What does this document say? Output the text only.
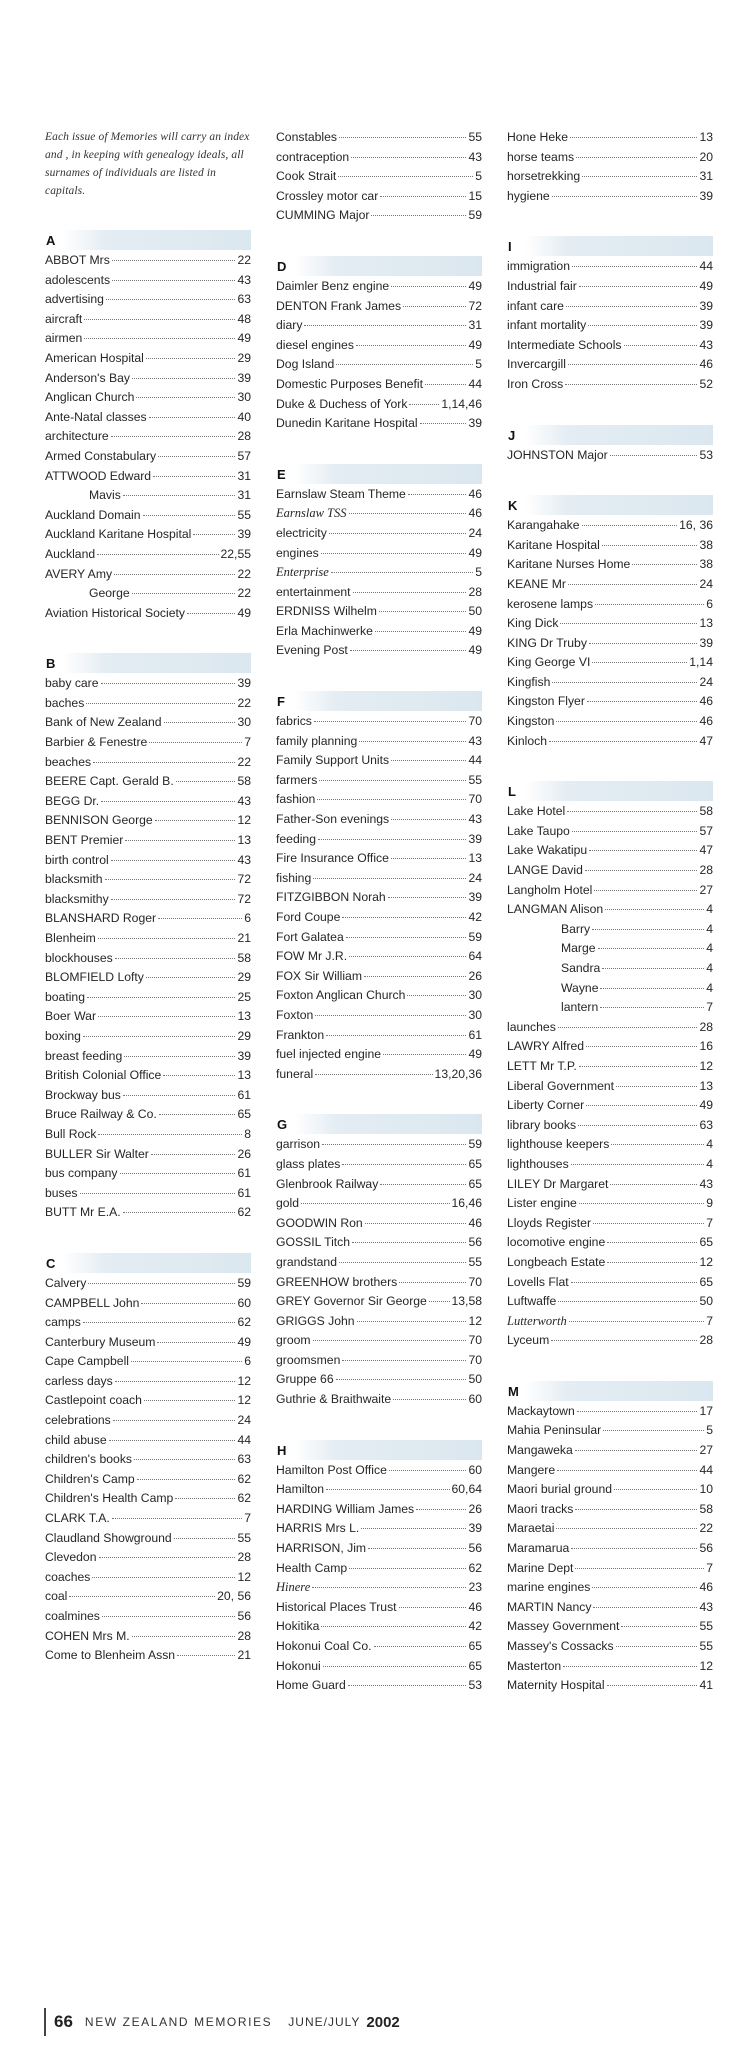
Each issue of Memories will carry an index and , in keeping with genealogy ideals, all surnames of individuals are listed in capitals.

A
ABBOT Mrs	22
adolescents	43
advertising	63
aircraft	48
airmen	49
American Hospital	29
Anderson's Bay	39
Anglican Church	30
Ante-Natal classes	40
architecture	28
Armed Constabulary	57
ATTWOOD Edward	31
Mavis	31
Auckland Domain	55
Auckland Karitane Hospital	39
Auckland	22,55
AVERY Amy	22
George	22
Aviation Historical Society	49
B
baby care	39
baches	22
Bank of New Zealand	30
Barbier & Fenestre	7
beaches	22
BEERE Capt. Gerald B.	58
BEGG Dr.	43
BENNISON George	12
BENT Premier	13
birth control	43
blacksmith	72
blacksmithy	72
BLANSHARD Roger	6
Blenheim	21
blockhouses	58
BLOMFIELD Lofty	29
boating	25
Boer War	13
boxing	29
breast feeding	39
British Colonial Office	13
Brockway bus	61
Bruce Railway & Co.	65
Bull Rock	8
BULLER Sir Walter	26
bus company	61
buses	61
BUTT Mr E.A.	62
C
Calvery	59
CAMPBELL John	60
camps	62
Canterbury Museum	49
Cape Campbell	6
carless days	12
Castlepoint coach	12
celebrations	24
child abuse	44
children's books	63
Children's Camp	62
Children's Health Camp	62
CLARK T.A.	7
Claudland Showground	55
Clevedon	28
coaches	12
coal	20, 56
coalmines	56
COHEN Mrs M.	28
Come to Blenheim Assn	21
Constables	55
contraception	43
Cook Strait	5
Crossley motor car	15
CUMMING Major	59
D
Daimler Benz engine	49
DENTON Frank James	72
diary	31
diesel engines	49
Dog Island	5
Domestic Purposes Benefit	44
Duke & Duchess of York	1,14,46
Dunedin Karitane Hospital	39
E
Earnslaw Steam Theme	46
Earnslaw TSS	46
electricity	24
engines	49
Enterprise	5
entertainment	28
ERDNISS Wilhelm	50
Erla Machinwerke	49
Evening Post	49
F
fabrics	70
family planning	43
Family Support Units	44
farmers	55
fashion	70
Father-Son evenings	43
feeding	39
Fire Insurance Office	13
fishing	24
FITZGIBBON Norah	39
Ford Coupe	42
Fort Galatea	59
FOW Mr J.R.	64
FOX Sir William	26
Foxton Anglican Church	30
Foxton	30
Frankton	61
fuel injected engine	49
funeral	13,20,36
G
garrison	59
glass plates	65
Glenbrook Railway	65
gold	16,46
GOODWIN Ron	46
GOSSIL Titch	56
grandstand	55
GREENHOW brothers	70
GREY Governor Sir George 13,58
GRIGGS John	12
groom	70
groomsmen	70
Gruppe 66	50
Guthrie & Braithwaite	60
H
Hamilton Post Office	60
Hamilton	60,64
HARDING William James	26
HARRIS Mrs L.	39
HARRISON, Jim	56
Health Camp	62
Hinere	23
Historical Places Trust	46
Hokitika	42
Hokonui Coal Co.	65
Hokonui	65
Home Guard	53
Hone Heke	13
horse teams	20
horsetrekking	31
hygiene	39
I
immigration	44
Industrial fair	49
infant care	39
infant mortality	39
Intermediate Schools	43
Invercargill	46
Iron Cross	52
J
JOHNSTON Major	53
K
Karangahake	16, 36
Karitane Hospital	38
Karitane Nurses Home	38
KEANE Mr	24
kerosene lamps	6
King Dick	13
KING Dr Truby	39
King George VI	1,14
Kingfish	24
Kingston Flyer	46
Kingston	46
Kinloch	47
L
Lake Hotel	58
Lake Taupo	57
Lake Wakatipu	47
LANGE David	28
Langholm Hotel	27
LANGMAN Alison	4
Barry	4
Marge	4
Sandra	4
Wayne	4
lantern	7
launches	28
LAWRY Alfred	16
LETT Mr T.P.	12
Liberal Government	13
Liberty Corner	49
library books	63
lighthouse keepers	4
lighthouses	4
LILEY Dr Margaret	43
Lister engine	9
Lloyds Register	7
locomotive engine	65
Longbeach Estate	12
Lovells Flat	65
Luftwaffe	50
Lutterworth	7
Lyceum	28
M
Mackaytown	17
Mahia Peninsular	5
Mangaweka	27
Mangere	44
Maori burial ground	10
Maori tracks	58
Maraetai	22
Maramarua	56
Marine Dept	7
marine engines	46
MARTIN Nancy	43
Massey Government	55
Massey's Cossacks	55
Masterton	12
Maternity Hospital	41
66 NEW ZEALAND MEMORIES JUNE/JULY 2002
